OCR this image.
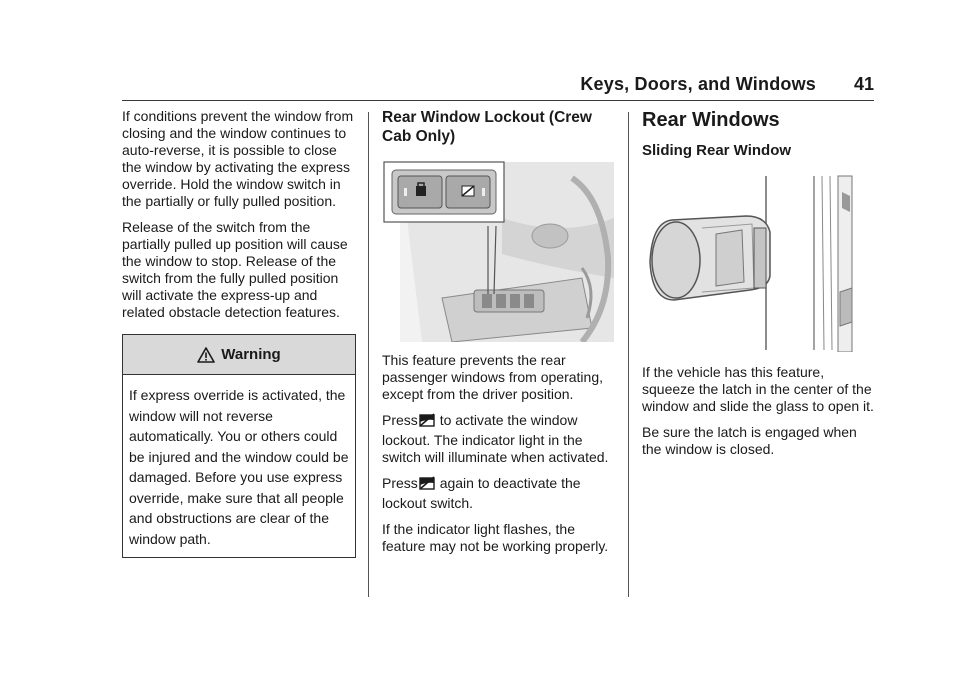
Keys, Doors, and Windows 41

If conditions prevent the window from closing and the window continues to auto-reverse, it is possible to close the window by activating the express override. Hold the window switch in the partially or fully pulled position.

Release of the switch from the partially pulled up position will cause the window to stop. Release of the switch from the fully pulled position will activate the express-up and related obstacle detection features.

Warning

If express override is activated, the window will not reverse automatically. You or others could be injured and the window could be damaged. Before you use express override, make sure that all people and obstructions are clear of the window path.

Rear Window Lockout (Crew Cab Only)

This feature prevents the rear passenger windows from operating, except from the driver position.

Press to activate the window lockout. The indicator light in the switch will illuminate when activated.

Press again to deactivate the lockout switch.

If the indicator light flashes, the feature may not be working properly.

Rear Windows
Sliding Rear Window

If the vehicle has this feature, squeeze the latch in the center of the window and slide the glass to open it.

Be sure the latch is engaged when the window is closed.
